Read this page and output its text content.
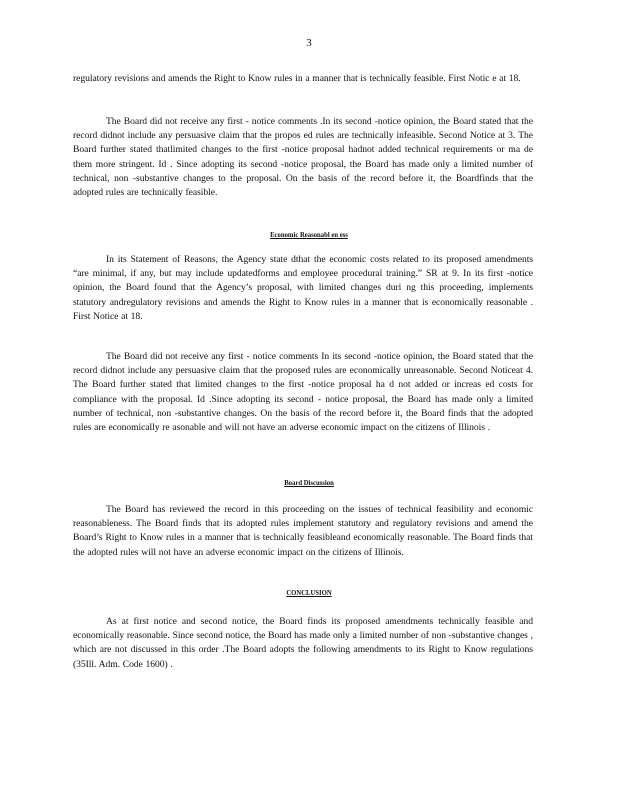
3

regulatory revisions and amends the Right to Know rules in a manner that is technically feasible. First Notic e at 18.

The Board did not receive any first - notice comments .In its second -notice opinion, the Board stated that the record didnot include any persuasive claim that the propos ed rules are technically infeasible. Second Notice at 3. The Board further stated thatlimited changes to the first -notice proposal hadnot added technical requirements or ma de them more stringent. Id . Since adopting its second -notice proposal, the Board has made only a limited number of technical, non -substantive changes to the proposal. On the basis of the record before it, the Boardfinds that the adopted rules are technically feasible.

Economic Reasonabl en ess

In its Statement of Reasons, the Agency state dthat the economic costs related to its proposed amendments “are minimal, if any, but may include updatedforms and employee procedural training.” SR at 9. In its first -notice opinion, the Board found that the Agency’s proposal, with limited changes duri ng this proceeding, implements statutory andregulatory revisions and amends the Right to Know rules in a manner that is economically reasonable . First Notice at 18.

The Board did not receive any first - notice comments In its second -notice opinion, the Board stated that the record didnot include any persuasive claim that the proposed rules are economically unreasonable. Second Noticeat 4. The Board further stated that limited changes to the first -notice proposal ha d not added or increas ed costs for compliance with the proposal. Id .Since adopting its second - notice proposal, the Board has made only a limited number of technical, non -substantive changes. On the basis of the record before it, the Board finds that the adopted rules are economically re asonable and will not have an adverse economic impact on the citizens of Illinois .

Board Discussion

The Board has reviewed the record in this proceeding on the issues of technical feasibility and economic reasonableness. The Board finds that its adopted rules implement statutory and regulatory revisions and amend the Board’s Right to Know rules in a manner that is technically feasibleand economically reasonable. The Board finds that the adopted rules will not have an adverse economic impact on the citizens of Illinois.

CONCLUSION

As at first notice and second notice, the Board finds its proposed amendments technically feasible and economically reasonable. Since second notice, the Board has made only a limited number of non -substantive changes , which are not discussed in this order .The Board adopts the following amendments to its Right to Know regulations (35Ill. Adm. Code 1600) .
